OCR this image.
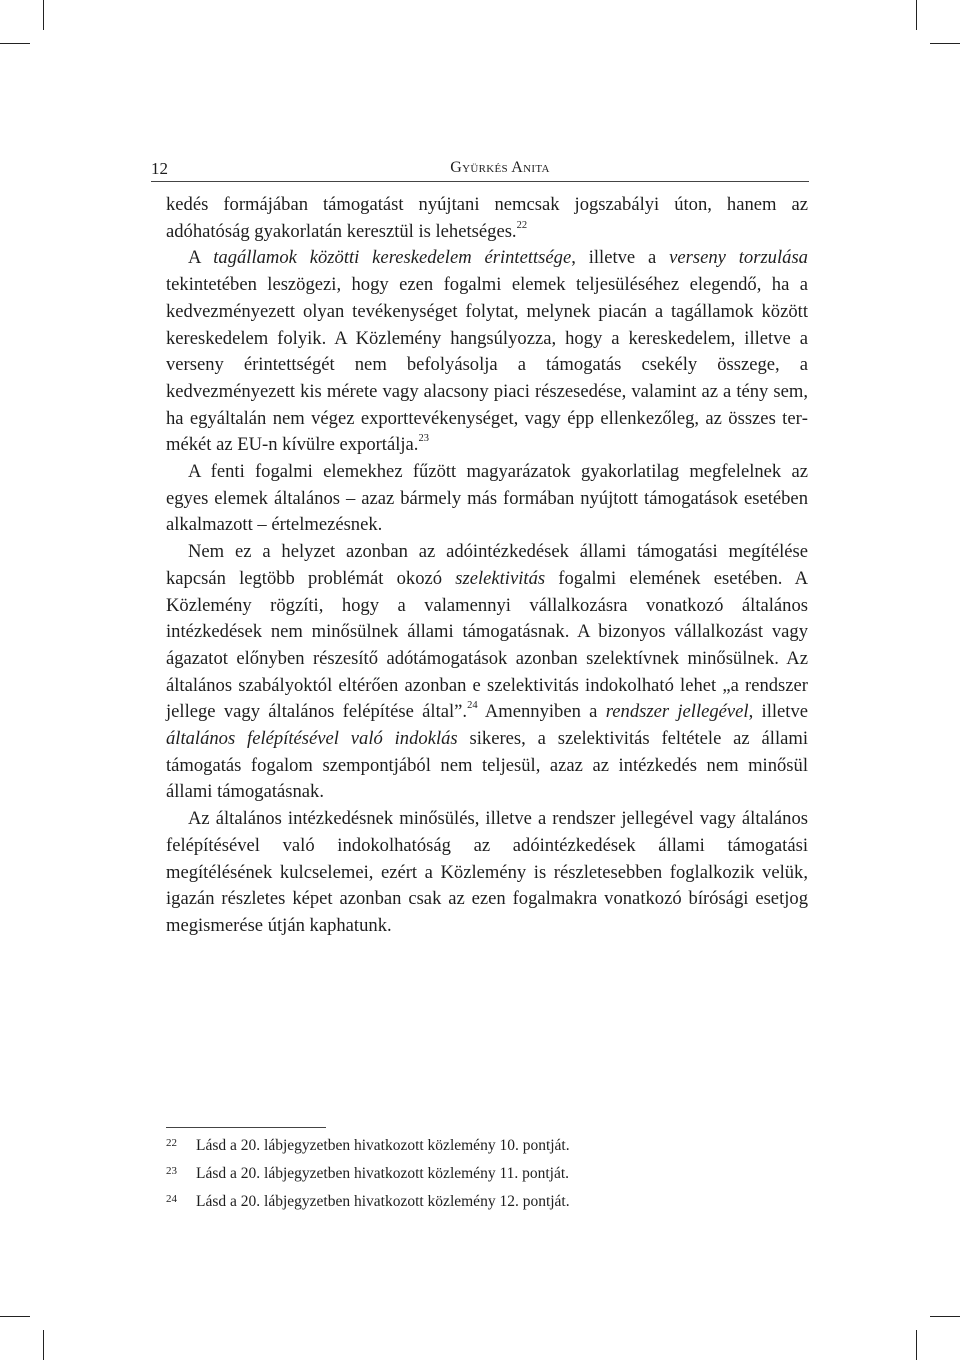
12	Gyürkés Anita

kedés formájában támogatást nyújtani nemcsak jogszabályi úton, hanem az adóhatóság gyakorlatán keresztül is lehetséges.$^{22}$

A tagállamok közötti kereskedelem érintettsége, illetve a verseny torzulása tekintetében leszögezi, hogy ezen fogalmi elemek teljesüléséhez elegendő, ha a kedvezményezett olyan tevékenységet folytat, melynek piacán a tagállamok között kereskedelem folyik. A Közlemény hangsúlyozza, hogy a kereskedelem, illetve a verseny érintettségét nem befolyásolja a támogatás csekély összege, a kedvezményezett kis mérete vagy alacsony piaci részesedése, valamint az a tény sem, ha egyáltalán nem végez exporttevékenységet, vagy épp ellenkezőleg, az összes termékét az EU-n kívülre exportálja.$^{23}$

A fenti fogalmi elemekhez fűzött magyarázatok gyakorlatilag megfelelnek az egyes elemek általános – azaz bármely más formában nyújtott támogatások esetében alkalmazott – értelmezésnek.

Nem ez a helyzet azonban az adóintézkedések állami támogatási megítélése kapcsán legtöbb problémát okozó szelektivitás fogalmi elemének esetében. A Közlemény rögzíti, hogy a valamennyi vállalkozásra vonatkozó általános intézkedések nem minősülnek állami támogatásnak. A bizonyos vállalkozást vagy ágazatot előnyben részesítő adótámogatások azonban szelektívnek minősülnek. Az általános szabályoktól eltérően azonban e szelektivitás indokolható lehet „a rendszer jellege vagy általános felépítése által”.$^{24}$ Amennyiben a rendszer jellegével, illetve általános felépítésével való indoklás sikeres, a szelektivitás feltétele az állami támogatás fogalom szempontjából nem teljesül, azaz az intézkedés nem minősül állami támogatásnak.

Az általános intézkedésnek minősülés, illetve a rendszer jellegével vagy általános felépítésével való indokolhatóság az adóintézkedések állami támogatási megítélésének kulcselemei, ezért a Közlemény is részletesebben foglalkozik velük, igazán részletes képet azonban csak az ezen fogalmakra vonatkozó bírósági esetjog megismerése útján kaphatunk.

22 Lásd a 20. lábjegyzetben hivatkozott közlemény 10. pontját.
23 Lásd a 20. lábjegyzetben hivatkozott közlemény 11. pontját.
24 Lásd a 20. lábjegyzetben hivatkozott közlemény 12. pontját.
